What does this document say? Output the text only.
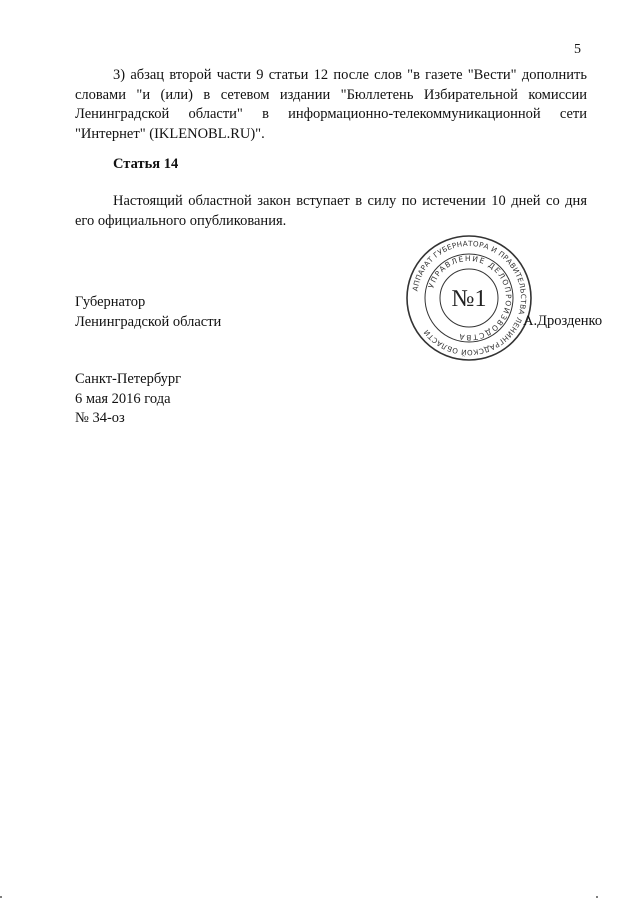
5

3) абзац второй части 9 статьи 12 после слов "в газете "Вести" дополнить словами "и (или) в сетевом издании "Бюллетень Избирательной комиссии Ленинградской области" в информационно-телекоммуникационной сети "Интернет" (IKLENOBL.RU)".

Статья 14

Настоящий областной закон вступает в силу по истечении 10 дней со дня его официального опубликования.

Губернатор
Ленинградской области
АППАРАТ ГУБЕРНАТОРА И ПРАВИТЕЛЬСТВА ЛЕНИНГРАДСКОЙ ОБЛАСТИ
УПРАВЛЕНИЕ ДЕЛОПРОИЗВОДСТВА
№1
А.Дрозденко
Санкт-Петербург
6 мая 2016 года
№ 34-оз
